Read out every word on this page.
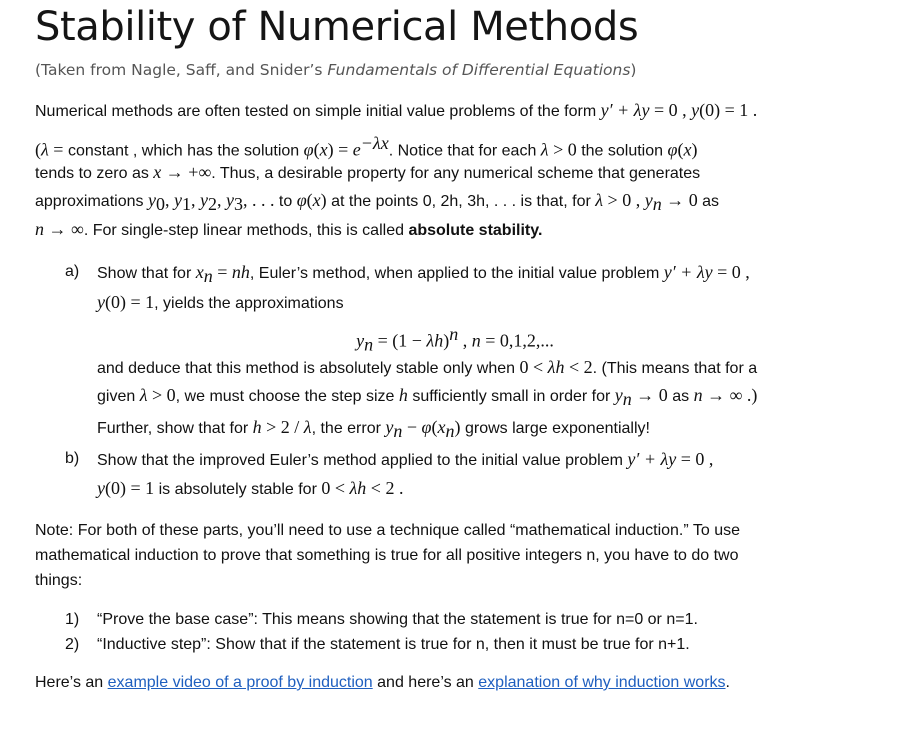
Stability of Numerical Methods
(Taken from Nagle, Saff, and Snider’s Fundamentals of Differential Equations)
Numerical methods are often tested on simple initial value problems of the form y′ + λy = 0 , y(0) = 1 .
(λ = constant , which has the solution $\varphi(x) = e^{-\lambda x}$. Notice that for each λ > 0 the solution φ(x)
tends to zero as x → +∞. Thus, a desirable property for any numerical scheme that generates
approximations $y_0$, $y_1$, $y_2$, $y_3$, . . . to φ(x) at the points 0, 2h, 3h, . . . is that, for λ > 0 , $y_n \to 0$ as
n → ∞. For single-step linear methods, this is called absolute stability.
a) Show that for $x_n$ = nh, Euler’s method, when applied to the initial value problem y′ + λy = 0 ,
y(0) = 1, yields the approximations
$y_n = (1 - \lambda h)^n$ , n = 0,1,2,...
and deduce that this method is absolutely stable only when 0 < λh < 2. (This means that for a
given λ > 0, we must choose the step size h sufficiently small in order for $y_n \to 0$ as n → ∞ .)
Further, show that for h > 2 / λ, the error $y_n - \varphi(x_n)$ grows large exponentially!
b) Show that the improved Euler’s method applied to the initial value problem y′ + λy = 0 ,
y(0) = 1 is absolutely stable for 0 < λh < 2 .
Note: For both of these parts, you’ll need to use a technique called “mathematical induction.” To use
mathematical induction to prove that something is true for all positive integers n, you have to do two
things:
1) “Prove the base case”: This means showing that the statement is true for n=0 or n=1.
2) “Inductive step”: Show that if the statement is true for n, then it must be true for n+1.
Here’s an example video of a proof by induction and here’s an explanation of why induction works.
